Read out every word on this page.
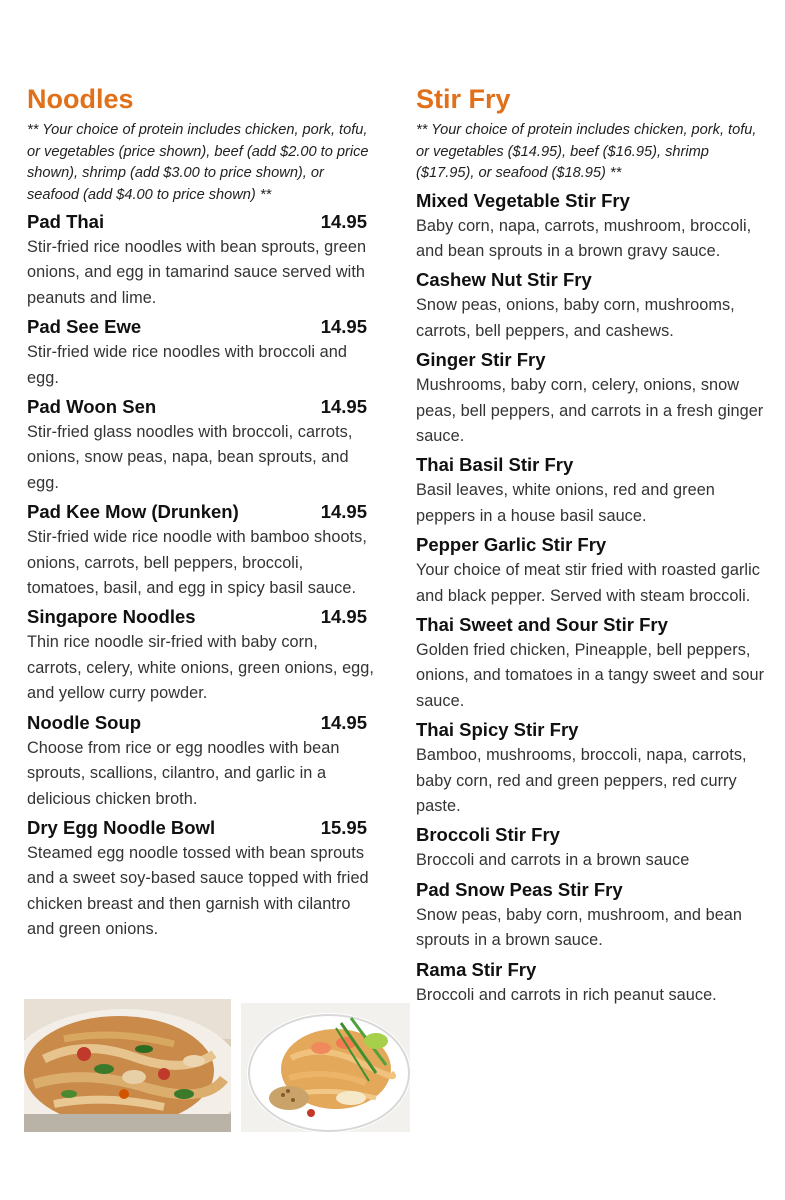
Noodles

** Your choice of protein includes chicken, pork, tofu, or vegetables (price shown), beef (add $2.00 to price shown), shrimp (add $3.00 to price shown), or seafood (add $4.00 to price shown) **

Pad Thai	14.95

Stir-fried rice noodles with bean sprouts, green onions, and egg in tamarind sauce served with peanuts and lime.

Pad See Ewe	14.95

Stir-fried wide rice noodles with broccoli and egg.

Pad Woon Sen	14.95

Stir-fried glass noodles with broccoli, carrots, onions, snow peas, napa, bean sprouts, and egg.

Pad Kee Mow (Drunken)	14.95

Stir-fried wide rice noodle with bamboo shoots, onions, carrots, bell peppers, broccoli, tomatoes, basil, and egg in spicy basil sauce.

Singapore Noodles	14.95

Thin rice noodle sir-fried with baby corn, carrots, celery, white onions, green onions, egg, and yellow curry powder.

Noodle Soup	14.95

Choose from rice or egg noodles with bean sprouts, scallions, cilantro, and garlic in a delicious chicken broth.

Dry Egg Noodle Bowl	15.95

Steamed egg noodle tossed with bean sprouts and a sweet soy-based sauce topped with fried chicken breast and then garnish with cilantro and green onions.

Stir Fry

** Your choice of protein includes chicken, pork, tofu, or vegetables ($14.95), beef ($16.95), shrimp ($17.95), or seafood ($18.95) **

Mixed Vegetable Stir Fry

Baby corn, napa, carrots, mushroom, broccoli, and bean sprouts in a brown gravy sauce.

Cashew Nut Stir Fry

Snow peas, onions, baby corn, mushrooms, carrots, bell peppers, and cashews.

Ginger Stir Fry

Mushrooms, baby corn, celery, onions, snow peas, bell peppers, and carrots in a fresh ginger sauce.

Thai Basil Stir Fry

Basil leaves, white onions, red and green peppers in a house basil sauce.

Pepper Garlic Stir Fry

Your choice of meat stir fried with roasted garlic and black pepper. Served with steam broccoli.

Thai Sweet and Sour Stir Fry

Golden fried chicken, Pineapple, bell peppers, onions, and tomatoes in a tangy sweet and sour sauce.

Thai Spicy Stir Fry

Bamboo, mushrooms, broccoli, napa, carrots, baby corn, red and green peppers, red curry paste.

Broccoli Stir Fry

Broccoli and carrots in a brown sauce

Pad Snow Peas Stir Fry

Snow peas, baby corn, mushroom, and bean sprouts in a brown sauce.

Rama Stir Fry

Broccoli and carrots in rich peanut sauce.
